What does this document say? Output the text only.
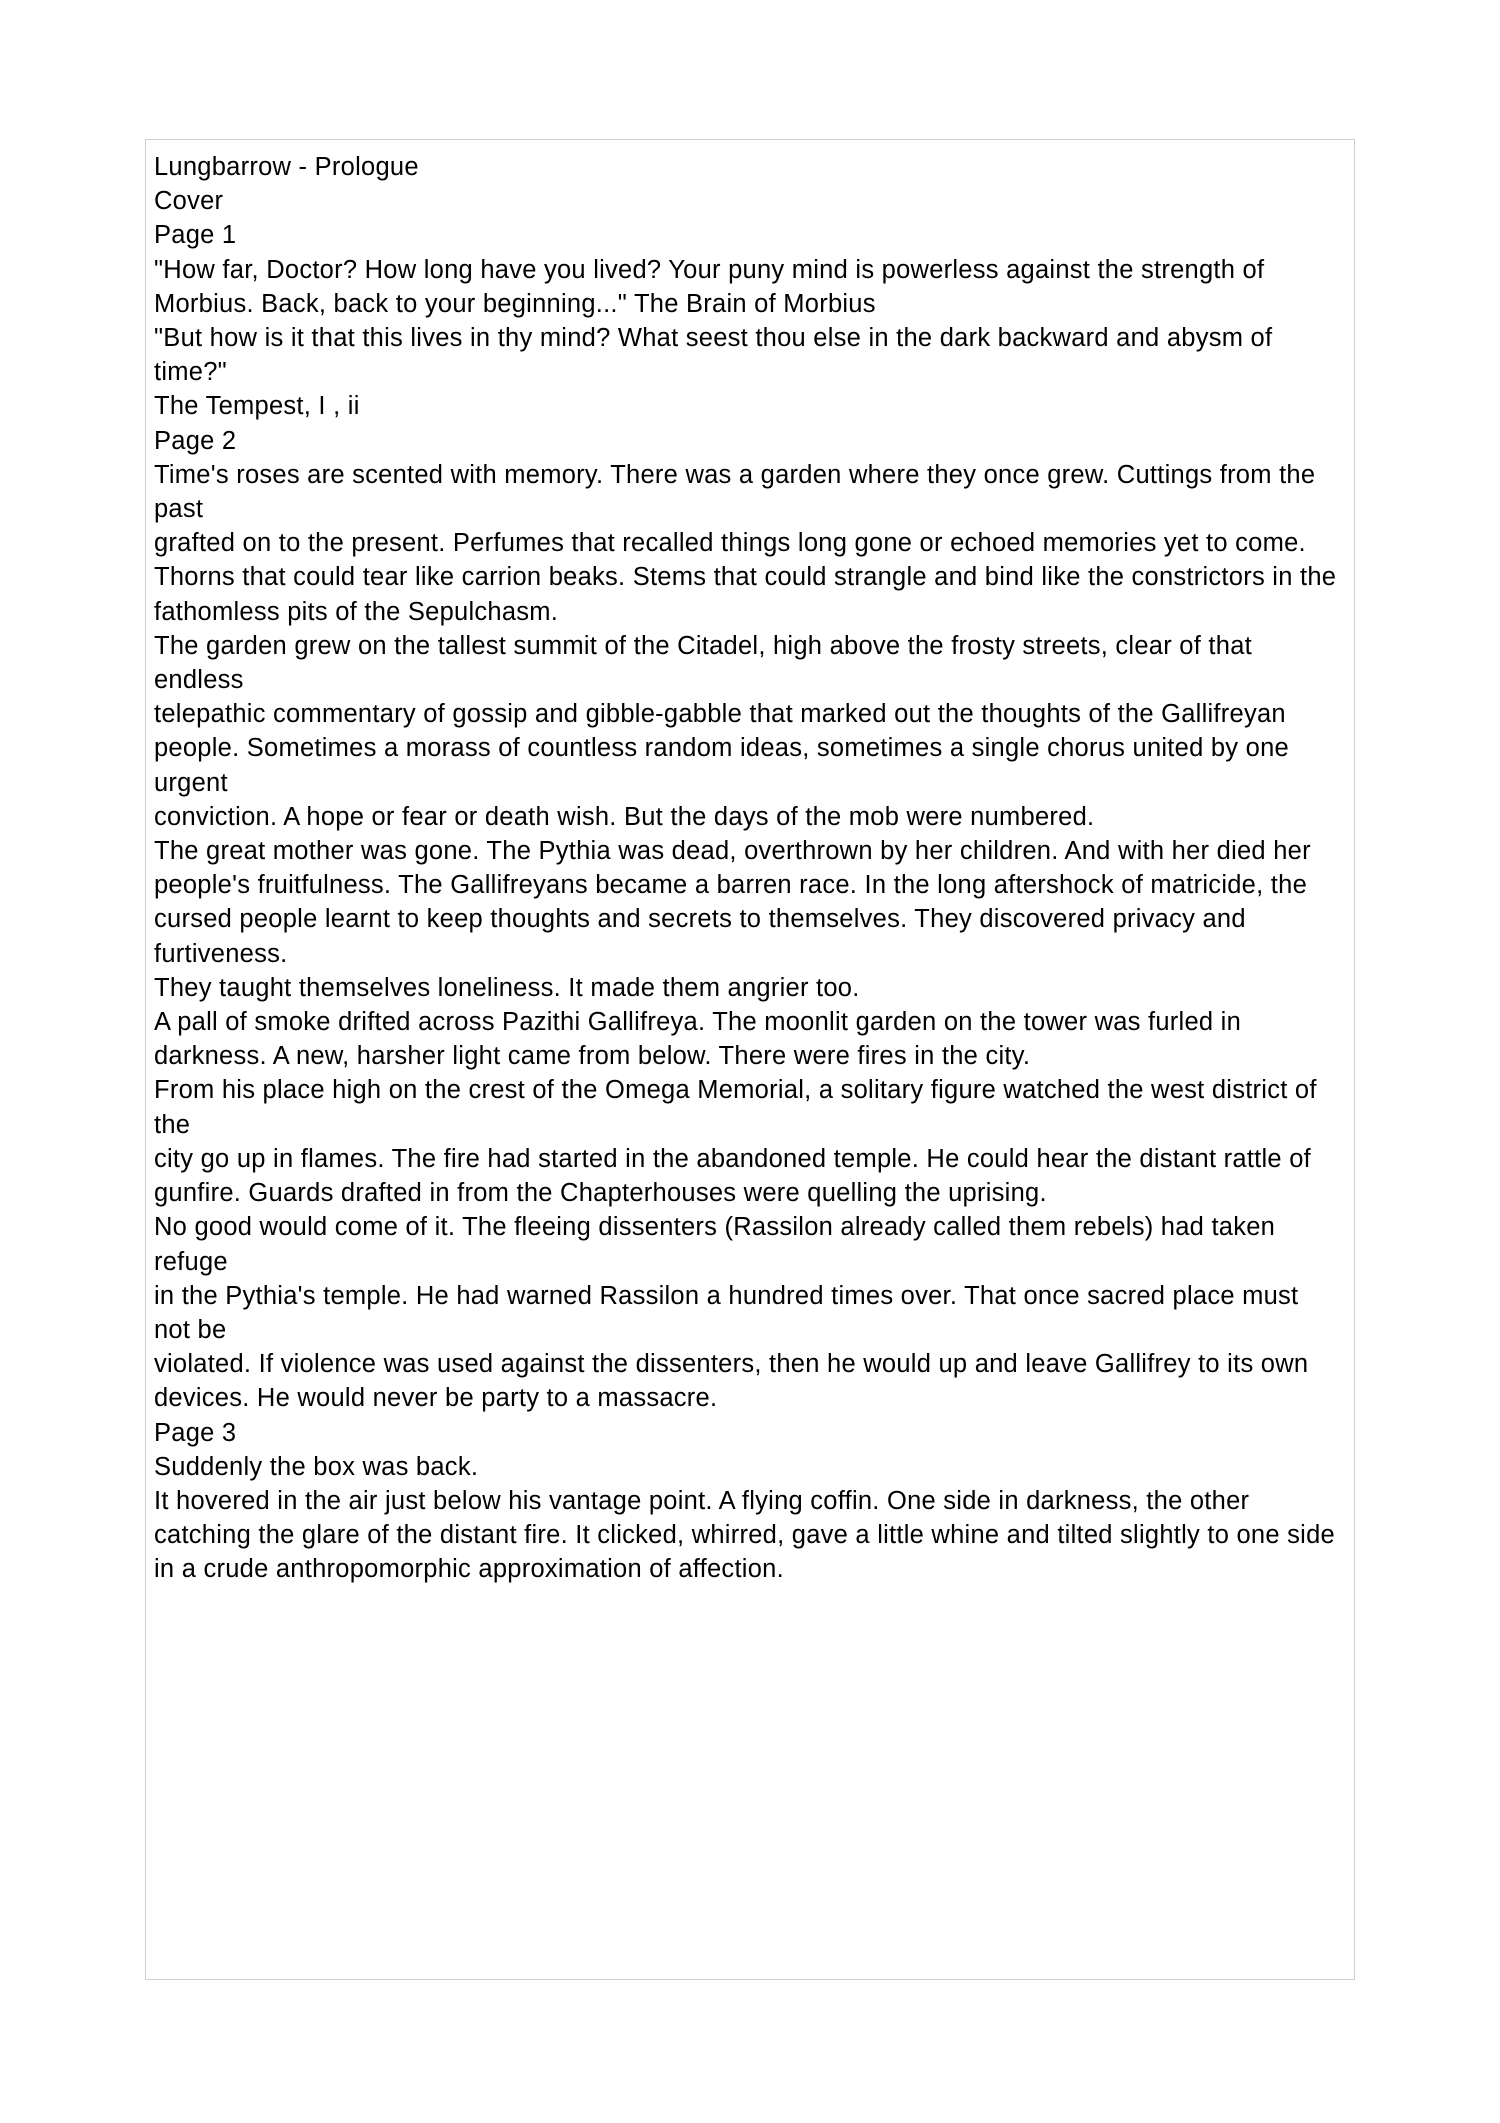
Lungbarrow - Prologue

Cover

Page 1

"How far, Doctor? How long have you lived? Your puny mind is powerless against the strength of

Morbius. Back, back to your beginning..." The Brain of Morbius

"But how is it that this lives in thy mind? What seest thou else in the dark backward and abysm of time?"

The Tempest, I , ii

Page 2

Time's roses are scented with memory. There was a garden where they once grew. Cuttings from the past

grafted on to the present. Perfumes that recalled things long gone or echoed memories yet to come.

Thorns that could tear like carrion beaks. Stems that could strangle and bind like the constrictors in the

fathomless pits of the Sepulchasm.

The garden grew on the tallest summit of the Citadel, high above the frosty streets, clear of that endless

telepathic commentary of gossip and gibble-gabble that marked out the thoughts of the Gallifreyan

people. Sometimes a morass of countless random ideas, sometimes a single chorus united by one urgent

conviction. A hope or fear or death wish. But the days of the mob were numbered.

The great mother was gone. The Pythia was dead, overthrown by her children. And with her died her

people's fruitfulness. The Gallifreyans became a barren race. In the long aftershock of matricide, the

cursed people learnt to keep thoughts and secrets to themselves. They discovered privacy and furtiveness.

They taught themselves loneliness. It made them angrier too.

A pall of smoke drifted across Pazithi Gallifreya. The moonlit garden on the tower was furled in

darkness. A new, harsher light came from below. There were fires in the city.

From his place high on the crest of the Omega Memorial, a solitary figure watched the west district of the

city go up in flames. The fire had started in the abandoned temple. He could hear the distant rattle of

gunfire. Guards drafted in from the Chapterhouses were quelling the uprising.

No good would come of it. The fleeing dissenters (Rassilon already called them rebels) had taken refuge

in the Pythia's temple. He had warned Rassilon a hundred times over. That once sacred place must not be

violated. If violence was used against the dissenters, then he would up and leave Gallifrey to its own

devices. He would never be party to a massacre.

Page 3

Suddenly the box was back.

It hovered in the air just below his vantage point. A flying coffin. One side in darkness, the other

catching the glare of the distant fire. It clicked, whirred, gave a little whine and tilted slightly to one side

in a crude anthropomorphic approximation of affection.
